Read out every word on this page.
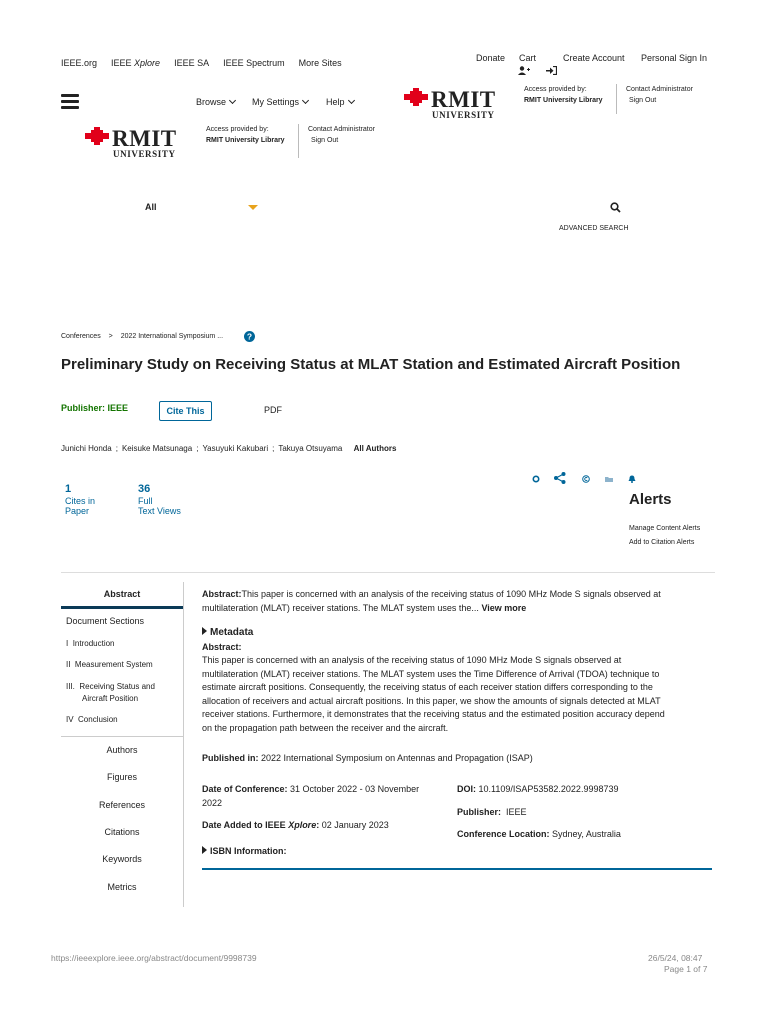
IEEE.org IEEE Xplore IEEE SA IEEE Spectrum More Sites	Donate Cart	Create Account Personal Sign In
Browse	My Settings	Help	RMIT
UNIVERSITY
Access provided by:
RMIT University Library
Contact Administrator
Sign Out
RMIT
UNIVERSITY
Access provided by:
RMIT University Library
Contact Administrator
Sign Out
All
ADVANCED SEARCH
Conferences > 2022 International Symposium ...	?
Preliminary Study on Receiving Status at MLAT Station and Estimated Aircraft Position
Publisher: IEEE	Cite This	PDF
Junichi Honda ; Keisuke Matsunaga ; Yasuyuki Kakubari ; Takuya Otsuyama All Authors
1
Cites in
Paper
36
Full
Text Views
Alerts
Manage Content Alerts
Add to Citation Alerts
Abstract
Document Sections
I Introduction
II Measurement System
III. Receiving Status and
Aircraft Position
IV Conclusion
Authors
Figures
References
Citations
Keywords
Metrics
Abstract:This paper is concerned with an analysis of the receiving status of 1090 MHz Mode S signals observed at
multilateration (MLAT) receiver stations. The MLAT system uses the... View more
Metadata
Abstract:
This paper is concerned with an analysis of the receiving status of 1090 MHz Mode S signals observed at
multilateration (MLAT) receiver stations. The MLAT system uses the Time Difference of Arrival (TDOA) technique to
estimate aircraft positions. Consequently, the receiving status of each receiver station differs corresponding to the
allocation of receivers and actual aircraft positions. In this paper, we show the amounts of signals detected at MLAT
receiver stations. Furthermore, it demonstrates that the receiving status and the estimated position accuracy depend
on the propagation path between the receiver and the aircraft.
Published in: 2022 International Symposium on Antennas and Propagation (ISAP)
Date of Conference: 31 October 2022 - 03 November
2022
Date Added to IEEE Xplore: 02 January 2023
ISBN Information:
DOI: 10.1109/ISAP53582.2022.9998739
Publisher: IEEE
Conference Location: Sydney, Australia
https://ieeexplore.ieee.org/abstract/document/9998739	26/5/24, 08:47
Page 1 of 7
